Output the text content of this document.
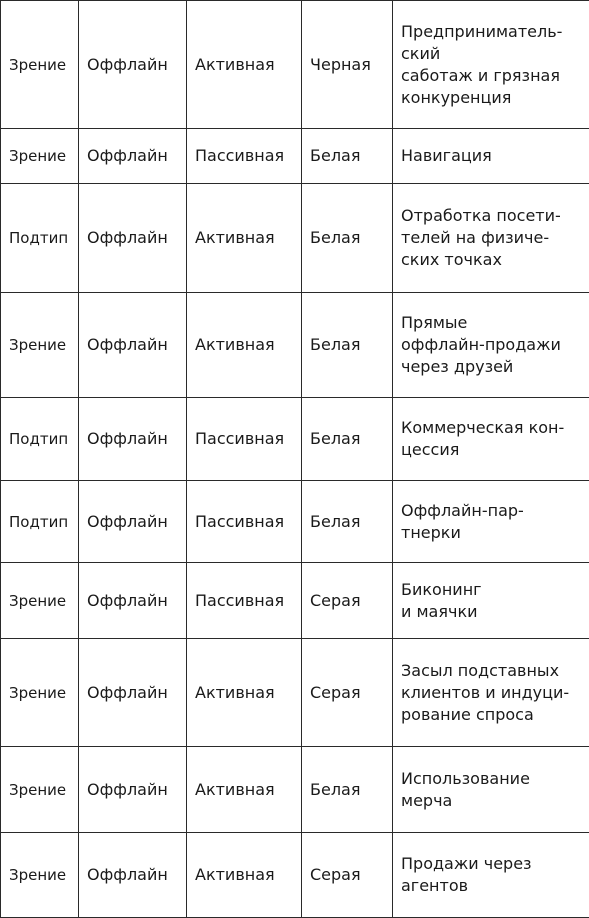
Зрение	Оффлайн	Активная	Черная	Предприниматель-
ский
саботаж и грязная
конкуренция
Зрение	Оффлайн	Пассивная	Белая	Навигация
Подтип	Оффлайн	Активная	Белая	Отработка посети-
телей на физиче-
ских точках
Зрение	Оффлайн	Активная	Белая	Прямые
оффлайн-продажи
через друзей
Подтип	Оффлайн	Пассивная	Белая	Коммерческая кон-
цессия
Подтип	Оффлайн	Пассивная	Белая	Оффлайн-пар-
тнерки
Зрение	Оффлайн	Пассивная	Серая	Биконинг
и маячки
Зрение	Оффлайн	Активная	Серая	Засыл подставных
клиентов и индуци-
рование спроса
Зрение	Оффлайн	Активная	Белая	Использование
мерча
Зрение	Оффлайн	Активная	Серая	Продажи через
агентов
